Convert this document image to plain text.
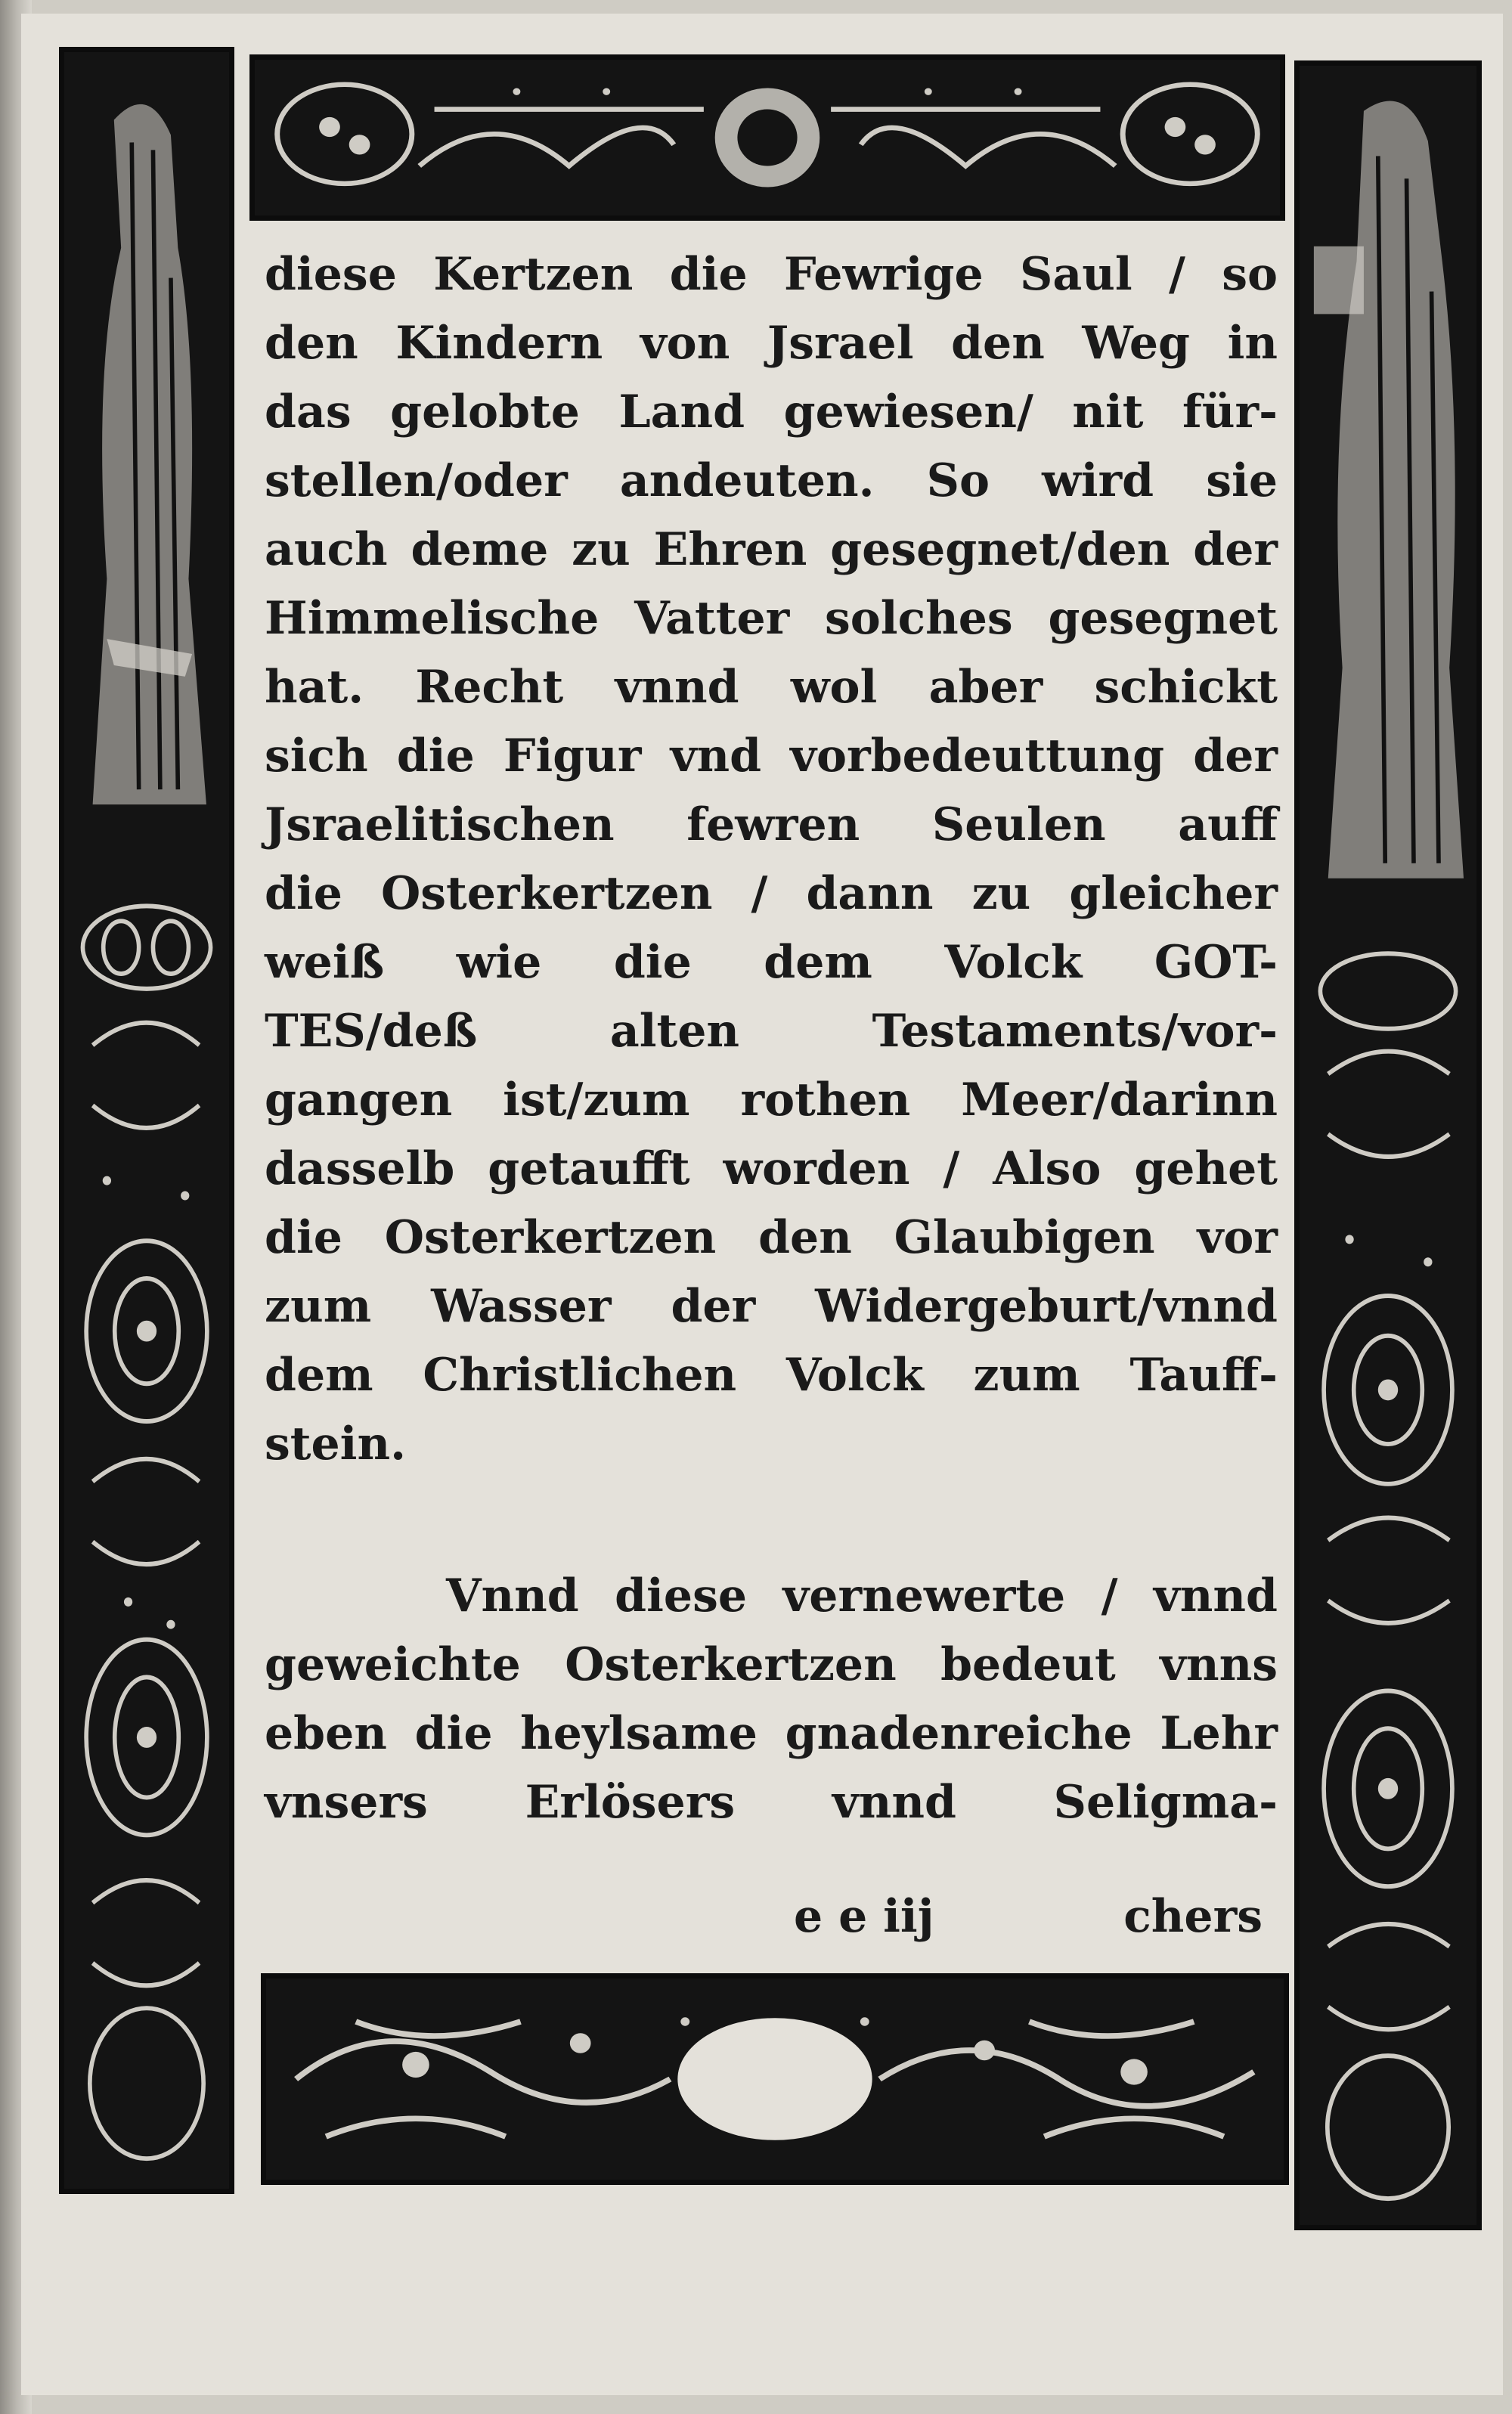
diese Kertzen die Fewrige Saul / so
den Kindern von Jsrael den Weg in
das gelobte Land gewiesen/ nit für-
stellen/oder andeuten. So wird sie
auch deme zu Ehren gesegnet/den der
Himmelische Vatter solches gesegnet
hat. Recht vnnd wol aber schickt
sich die Figur vnd vorbedeuttung der
Jsraelitischen fewren Seulen auff
die Osterkertzen / dann zu gleicher
weiß wie die dem Volck GOT-
TES/deß alten Testaments/vor-
gangen ist/zum rothen Meer/darinn
dasselb getaufft worden / Also gehet
die Osterkertzen den Glaubigen vor
zum Wasser der Widergeburt/vnnd
dem Christlichen Volck zum Tauff-
stein.
Vnnd diese vernewerte / vnnd
geweichte Osterkertzen bedeut vnns
eben die heylsame gnadenreiche Lehr
vnsers Erlösers vnnd Seligma-
e e iij	chers
